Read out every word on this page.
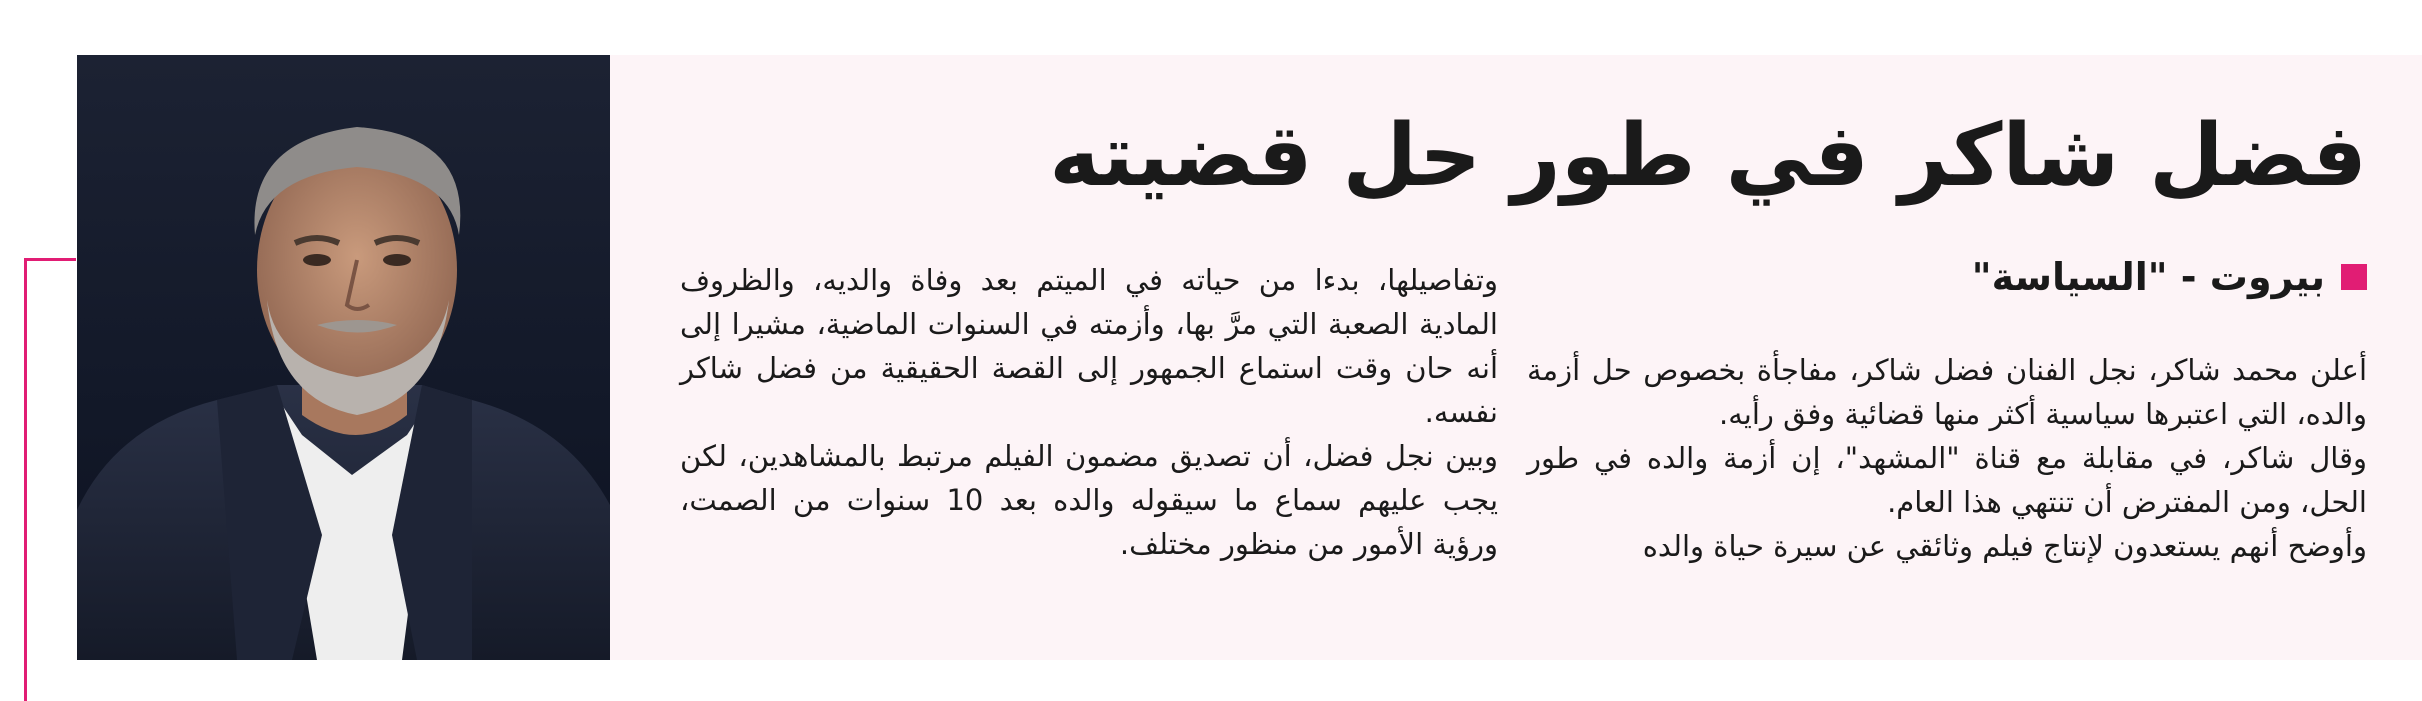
فضل شاكر في طور حل قضيته
بيروت - "السياسة"

أعلن محمد شاكر، نجل الفنان فضل شاكر، مفاجأة بخصوص حل أزمة والده، التي اعتبرها سياسية أكثر منها قضائية وفق رأيه.

وقال شاكر، في مقابلة مع قناة "المشهد"، إن أزمة والده في طور الحل، ومن المفترض أن تنتهي هذا العام.

وأوضح أنهم يستعدون لإنتاج فيلم وثائقي عن سيرة حياة والده

وتفاصيلها، بدءا من حياته في الميتم بعد وفاة والديه، والظروف المادية الصعبة التي مرَّ بها، وأزمته في السنوات الماضية، مشيرا إلى أنه حان وقت استماع الجمهور إلى القصة الحقيقية من فضل شاكر نفسه.

وبين نجل فضل، أن تصديق مضمون الفيلم مرتبط بالمشاهدين، لكن يجب عليهم سماع ما سيقوله والده بعد 10 سنوات من الصمت، ورؤية الأمور من منظور مختلف.
